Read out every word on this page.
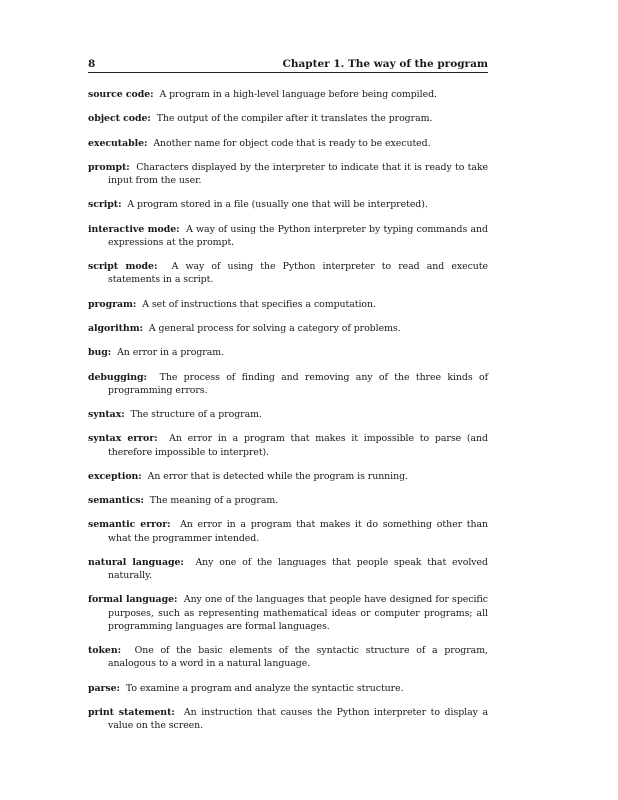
8	Chapter 1. The way of the program

source code: A program in a high-level language before being compiled.

object code: The output of the compiler after it translates the program.

executable: Another name for object code that is ready to be executed.

prompt: Characters displayed by the interpreter to indicate that it is ready to take input from the user.

script: A program stored in a file (usually one that will be interpreted).

interactive mode: A way of using the Python interpreter by typing commands and expressions at the prompt.

script mode: A way of using the Python interpreter to read and execute statements in a script.

program: A set of instructions that specifies a computation.

algorithm: A general process for solving a category of problems.

bug: An error in a program.

debugging: The process of finding and removing any of the three kinds of programming errors.

syntax: The structure of a program.

syntax error: An error in a program that makes it impossible to parse (and therefore impossible to interpret).

exception: An error that is detected while the program is running.

semantics: The meaning of a program.

semantic error: An error in a program that makes it do something other than what the programmer intended.

natural language: Any one of the languages that people speak that evolved naturally.

formal language: Any one of the languages that people have designed for specific purposes, such as representing mathematical ideas or computer programs; all programming languages are formal languages.

token: One of the basic elements of the syntactic structure of a program, analogous to a word in a natural language.

parse: To examine a program and analyze the syntactic structure.

print statement: An instruction that causes the Python interpreter to display a value on the screen.
